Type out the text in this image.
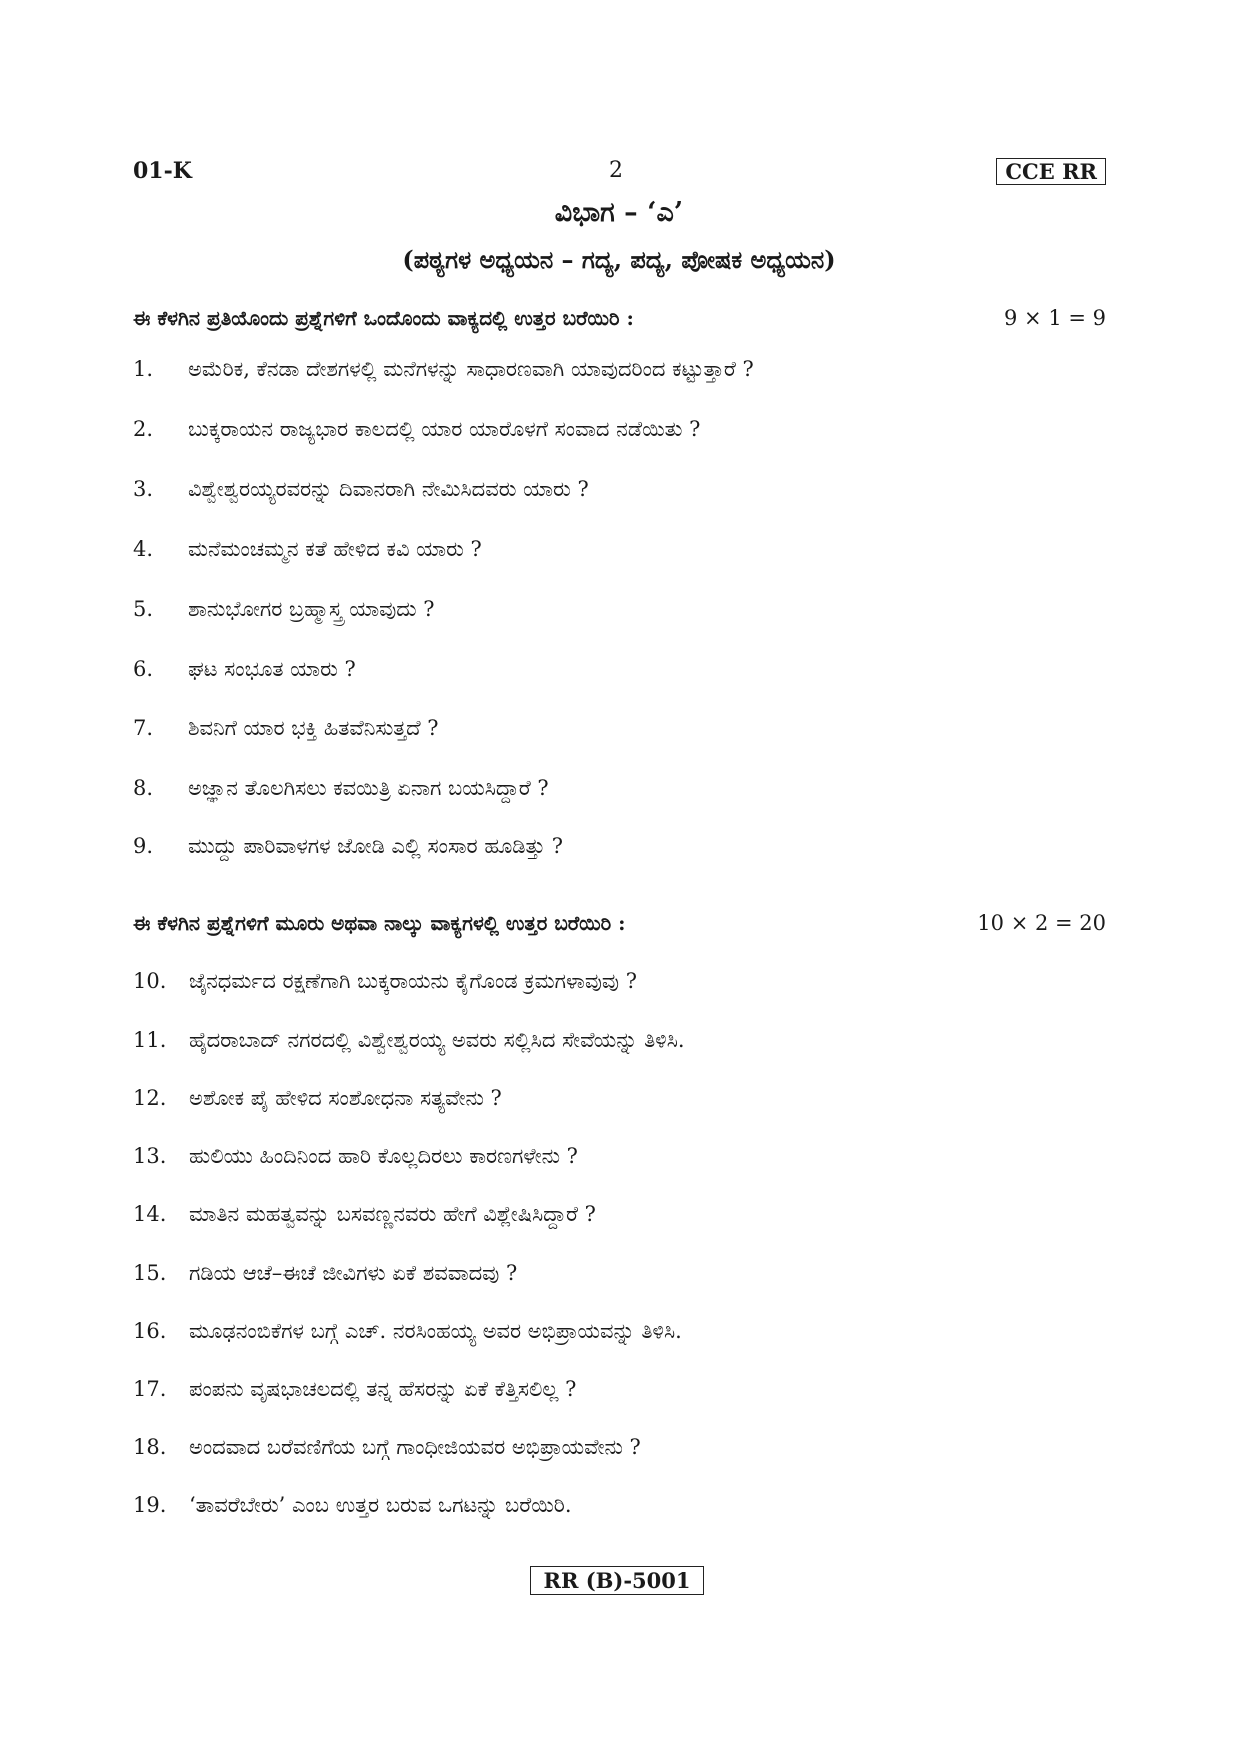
01-K	2	CCE RR
ವಿಭಾಗ – ‘ಎ’
(ಪಠ್ಯಗಳ ಅಧ್ಯಯನ – ಗದ್ಯ, ಪದ್ಯ, ಪೋಷಕ ಅಧ್ಯಯನ)
ಈ ಕೆಳಗಿನ ಪ್ರತಿಯೊಂದು ಪ್ರಶ್ನೆಗಳಿಗೆ ಒಂದೊಂದು ವಾಕ್ಯದಲ್ಲಿ ಉತ್ತರ ಬರೆಯಿರಿ :	9 × 1 = 9
1. ಅಮೆರಿಕ, ಕೆನಡಾ ದೇಶಗಳಲ್ಲಿ ಮನೆಗಳನ್ನು ಸಾಧಾರಣವಾಗಿ ಯಾವುದರಿಂದ ಕಟ್ಟುತ್ತಾರೆ ?
2. ಬುಕ್ಕರಾಯನ ರಾಜ್ಯಭಾರ ಕಾಲದಲ್ಲಿ ಯಾರ ಯಾರೊಳಗೆ ಸಂವಾದ ನಡೆಯಿತು ?
3. ವಿಶ್ವೇಶ್ವರಯ್ಯರವರನ್ನು ದಿವಾನರಾಗಿ ನೇಮಿಸಿದವರು ಯಾರು ?
4. ಮನೆಮಂಚಮ್ಮನ ಕತೆ ಹೇಳಿದ ಕವಿ ಯಾರು ?
5. ಶಾನುಭೋಗರ ಬ್ರಹ್ಮಾಸ್ತ್ರ ಯಾವುದು ?
6. ಘಟ ಸಂಭೂತ ಯಾರು ?
7. ಶಿವನಿಗೆ ಯಾರ ಭಕ್ತಿ ಹಿತವೆನಿಸುತ್ತದೆ ?
8. ಅಜ್ಞಾನ ತೊಲಗಿಸಲು ಕವಯಿತ್ರಿ ಏನಾಗ ಬಯಸಿದ್ದಾರೆ ?
9. ಮುದ್ದು ಪಾರಿವಾಳಗಳ ಜೋಡಿ ಎಲ್ಲಿ ಸಂಸಾರ ಹೂಡಿತ್ತು ?
ಈ ಕೆಳಗಿನ ಪ್ರಶ್ನೆಗಳಿಗೆ ಮೂರು ಅಥವಾ ನಾಲ್ಕು ವಾಕ್ಯಗಳಲ್ಲಿ ಉತ್ತರ ಬರೆಯಿರಿ :	10 × 2 = 20
10. ಜೈನಧರ್ಮದ ರಕ್ಷಣೆಗಾಗಿ ಬುಕ್ಕರಾಯನು ಕೈಗೊಂಡ ಕ್ರಮಗಳಾವುವು ?
11. ಹೈದರಾಬಾದ್ ನಗರದಲ್ಲಿ ವಿಶ್ವೇಶ್ವರಯ್ಯ ಅವರು ಸಲ್ಲಿಸಿದ ಸೇವೆಯನ್ನು ತಿಳಿಸಿ.
12. ಅಶೋಕ ಪೈ ಹೇಳಿದ ಸಂಶೋಧನಾ ಸತ್ಯವೇನು ?
13. ಹುಲಿಯು ಹಿಂದಿನಿಂದ ಹಾರಿ ಕೊಲ್ಲದಿರಲು ಕಾರಣಗಳೇನು ?
14. ಮಾತಿನ ಮಹತ್ವವನ್ನು ಬಸವಣ್ಣನವರು ಹೇಗೆ ವಿಶ್ಲೇಷಿಸಿದ್ದಾರೆ ?
15. ಗಡಿಯ ಆಚೆ–ಈಚೆ ಜೀವಿಗಳು ಏಕೆ ಶವವಾದವು ?
16. ಮೂಢನಂಬಿಕೆಗಳ ಬಗ್ಗೆ ಎಚ್. ನರಸಿಂಹಯ್ಯ ಅವರ ಅಭಿಪ್ರಾಯವನ್ನು ತಿಳಿಸಿ.
17. ಪಂಪನು ವೃಷಭಾಚಲದಲ್ಲಿ ತನ್ನ ಹೆಸರನ್ನು ಏಕೆ ಕೆತ್ತಿಸಲಿಲ್ಲ ?
18. ಅಂದವಾದ ಬರೆವಣಿಗೆಯ ಬಗ್ಗೆ ಗಾಂಧೀಜಿಯವರ ಅಭಿಪ್ರಾಯವೇನು ?
19. ‘ತಾವರೆಬೇರು’ ಎಂಬ ಉತ್ತರ ಬರುವ ಒಗಟನ್ನು ಬರೆಯಿರಿ.
RR (B)-5001
